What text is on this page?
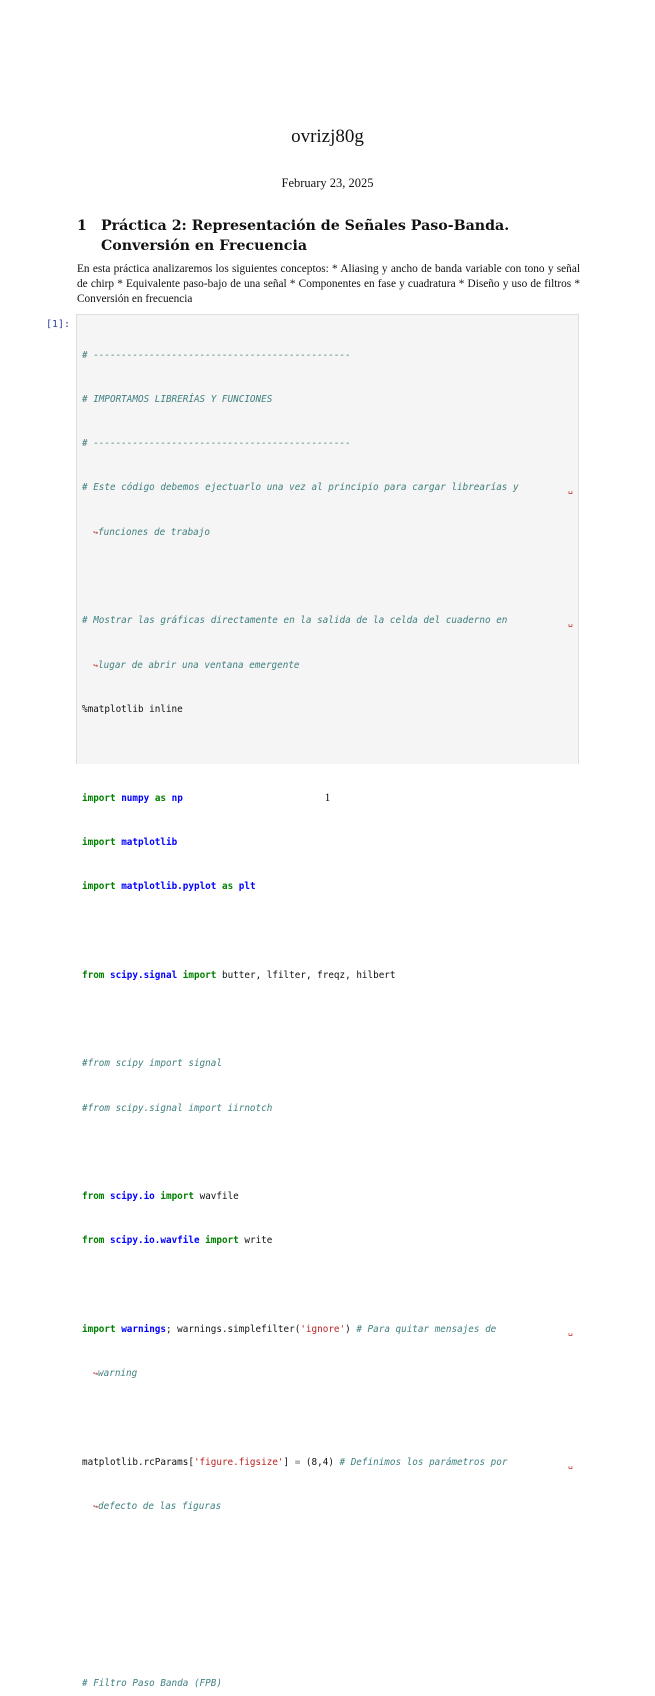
ovrizj80g
February 23, 2025
1 Práctica 2: Representación de Señales Paso-Banda. Conversión en Frecuencia
En esta práctica analizaremos los siguientes conceptos: * Aliasing y ancho de banda variable con tono y señal de chirp * Equivalente paso-bajo de una señal * Componentes en fase y cuadratura * Diseño y uso de filtros * Conversión en frecuencia
[1]:

# ----------------------------------------------

# IMPORTAMOS LIBRERÍAS Y FUNCIONES

# ----------------------------------------------

# Este código debemos ejectuarlo una vez al principio para cargar librearías y	␣

↪funciones de trabajo

# Mostrar las gráficas directamente en la salida de la celda del cuaderno en	␣

↪lugar de abrir una ventana emergente

%matplotlib inline

import numpy as np

import matplotlib

import matplotlib.pyplot as plt

from scipy.signal import butter, lfilter, freqz, hilbert

#from scipy import signal

#from scipy.signal import iirnotch

from scipy.io import wavfile

from scipy.io.wavfile import write

import warnings; warnings.simplefilter('ignore') # Para quitar mensajes de	␣

↪warning

matplotlib.rcParams['figure.figsize'] = (8,4) # Definimos los parámetros por	␣

↪defecto de las figuras

# Filtro Paso Banda (FPB)

1
